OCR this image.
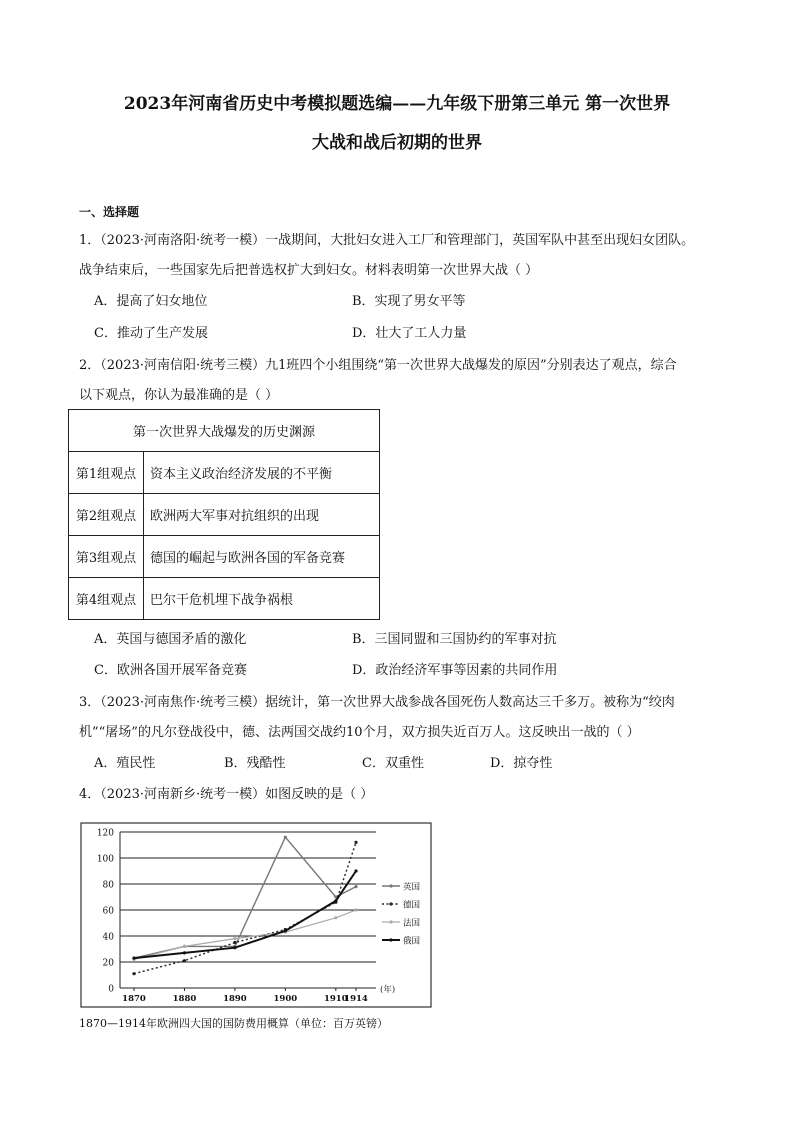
2023年河南省历史中考模拟题选编——九年级下册第三单元 第一次世界
大战和战后初期的世界
一、选择题
1．（2023·河南洛阳·统考一模）一战期间，大批妇女进入工厂和管理部门，英国军队中甚至出现妇女团队。
战争结束后，一些国家先后把普选权扩大到妇女。材料表明第一次世界大战（ ）
A．提高了妇女地位	B．实现了男女平等
C．推动了生产发展	D．壮大了工人力量
2．（2023·河南信阳·统考三模）九1班四个小组围绕“第一次世界大战爆发的原因”分别表达了观点，综合
以下观点，你认为最准确的是（ ）
第一次世界大战爆发的历史渊源	
第1组观点	资本主义政治经济发展的不平衡
第2组观点	欧洲两大军事对抗组织的出现
第3组观点	德国的崛起与欧洲各国的军备竞赛
第4组观点	巴尔干危机埋下战争祸根
A．英国与德国矛盾的激化	B．三国同盟和三国协约的军事对抗
C．欧洲各国开展军备竞赛	D．政治经济军事等因素的共同作用
3．（2023·河南焦作·统考三模）据统计，第一次世界大战参战各国死伤人数高达三千多万。被称为“绞肉
机”“屠场”的凡尔登战役中，德、法两国交战约10个月，双方损失近百万人。这反映出一战的（ ）
A．殖民性	B．残酷性	C．双重性	D．掠夺性
4．（2023·河南新乡·统考一模）如图反映的是（ ）
0
20
40
60
80
100
120
1870	1880	1890	1900	1910
1914
(年)
英国
德国
法国
俄国
1870—1914年欧洲四大国的国防费用概算（单位：百万英镑）
